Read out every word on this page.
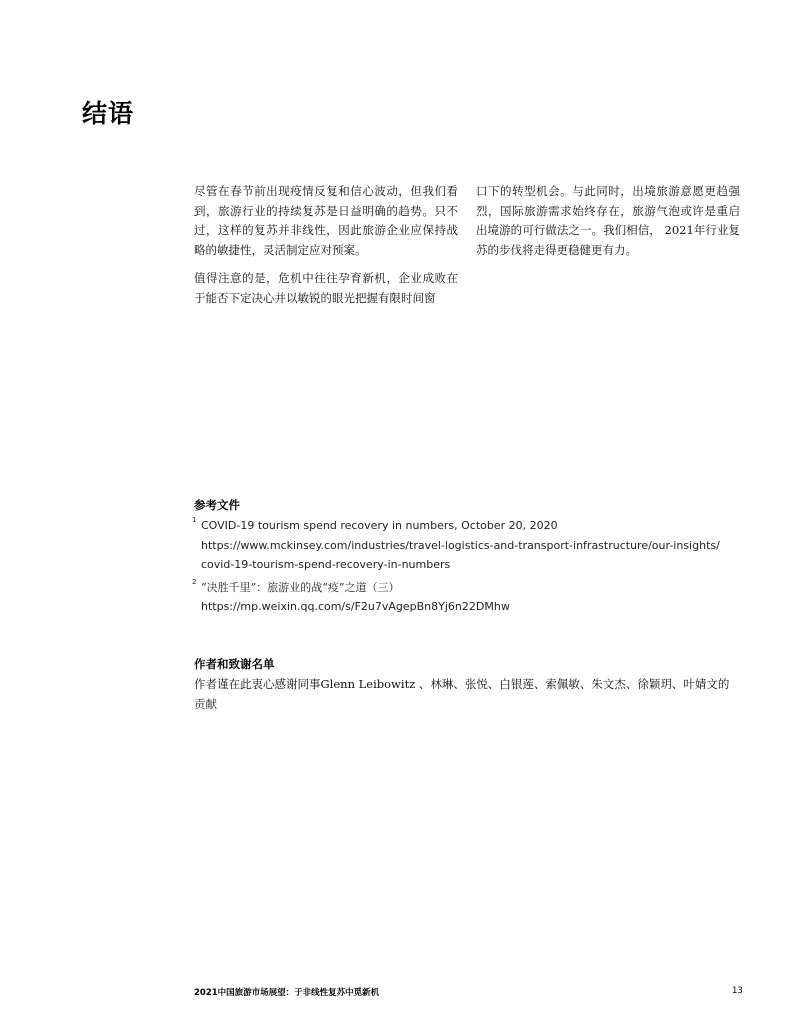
结语

尽管在春节前出现疫情反复和信心波动，但我们看到，旅游行业的持续复苏是日益明确的趋势。只不过，这样的复苏并非线性，因此旅游企业应保持战略的敏捷性，灵活制定应对预案。

值得注意的是，危机中往往孕育新机，企业成败在于能否下定决心并以敏锐的眼光把握有限时间窗

口下的转型机会。与此同时，出境旅游意愿更趋强烈，国际旅游需求始终存在，旅游气泡或许是重启出境游的可行做法之一。我们相信， 2021年行业复苏的步伐将走得更稳健更有力。

参考文件
1 COVID-19 tourism spend recovery in numbers, October 20, 2020
https://www.mckinsey.com/industries/travel-logistics-and-transport-infrastructure/our-insights/
covid-19-tourism-spend-recovery-in-numbers
2 “决胜千里”：旅游业的战“疫”之道（三）
https://mp.weixin.qq.com/s/F2u7vAgepBn8Yj6n22DMhw
作者和致谢名单
作者谨在此衷心感谢同事Glenn Leibowitz 、林琳、张悦、白银莲、索佩敏、朱文杰、徐颖玥、叶婧文的贡献
2021中国旅游市场展望：于非线性复苏中觅新机	13
